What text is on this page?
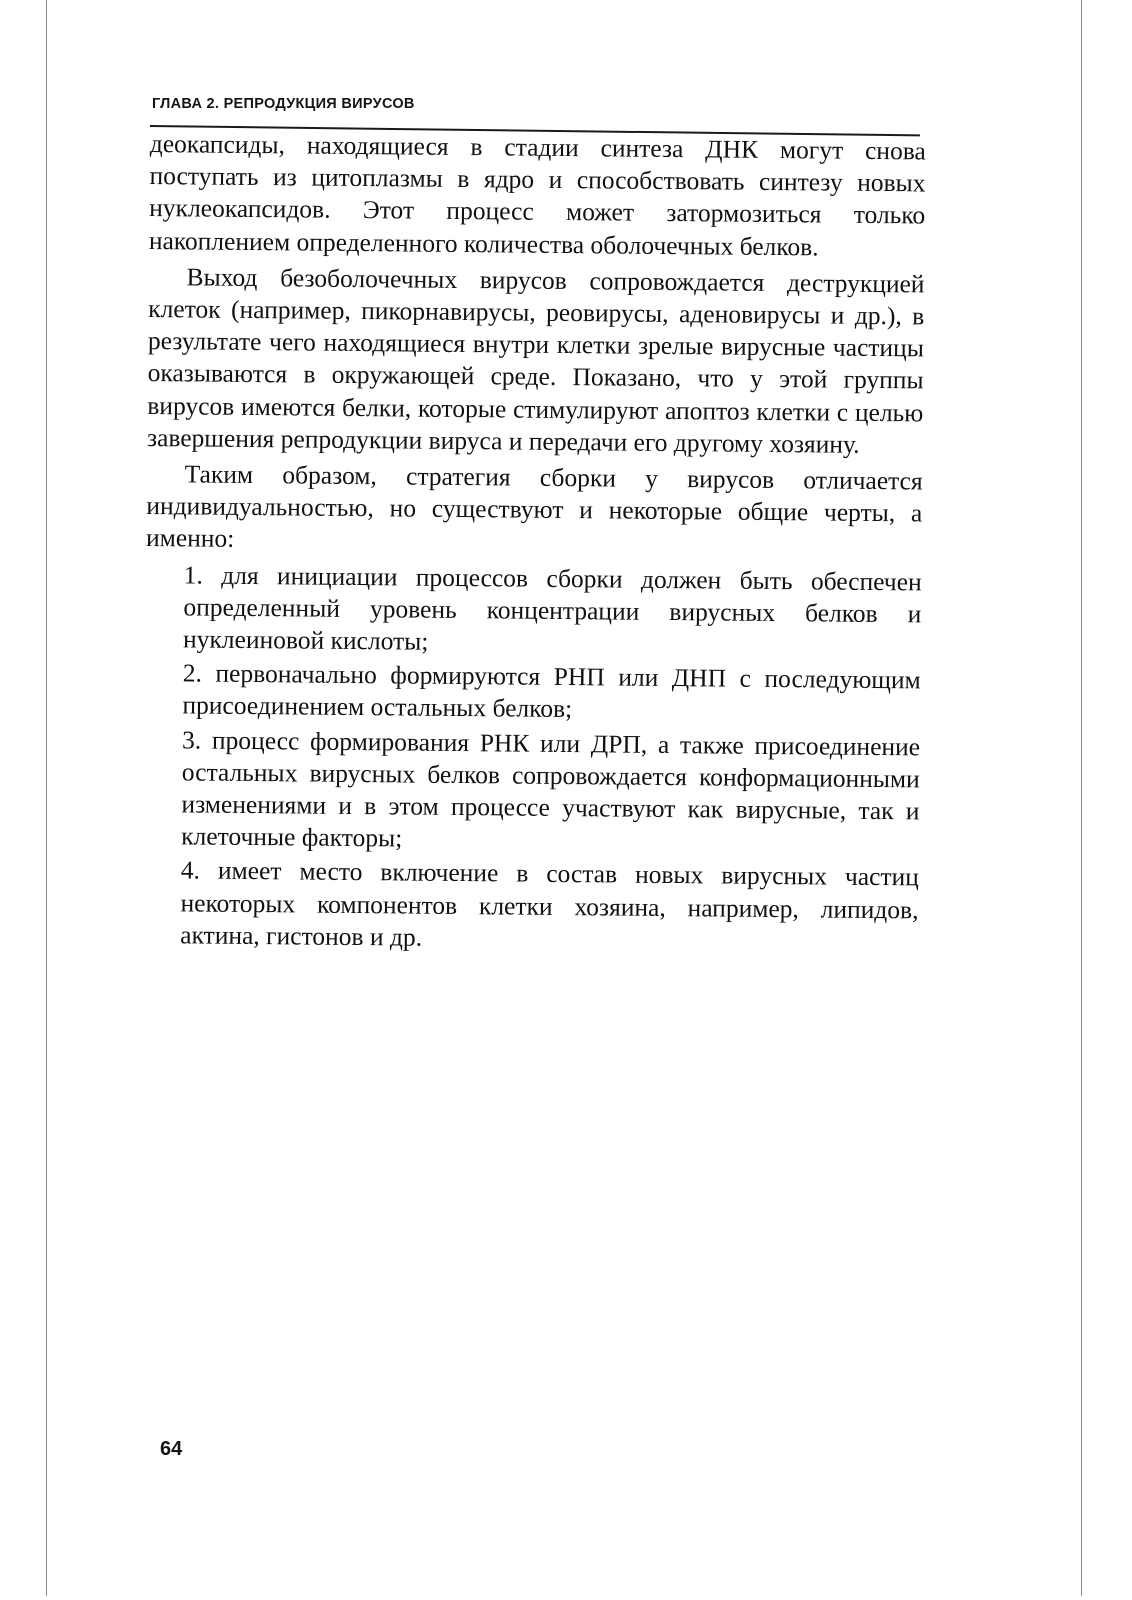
ГЛАВА 2. РЕПРОДУКЦИЯ ВИРУСОВ

деокапсиды, находящиеся в стадии синтеза ДНК могут снова поступать из цитоплазмы в ядро и способствовать синтезу новых нуклеокапсидов. Этот процесс может затормозиться только накоплением определенного количества оболочечных белков.

Выход безоболочечных вирусов сопровождается деструкцией клеток (например, пикорнавирусы, реовирусы, аденовирусы и др.), в результате чего находящиеся внутри клетки зрелые вирусные частицы оказываются в окружающей среде. Показано, что у этой группы вирусов имеются белки, которые стимулируют апоптоз клетки с целью завершения репродукции вируса и передачи его другому хозяину.

Таким образом, стратегия сборки у вирусов отличается индивидуальностью, но существуют и некоторые общие черты, а именно:

1. для инициации процессов сборки должен быть обеспечен определенный уровень концентрации вирусных белков и нуклеиновой кислоты;
2. первоначально формируются РНП или ДНП с последующим присоединением остальных белков;
3. процесс формирования РНК или ДРП, а также присоединение остальных вирусных белков сопровождается конформационными изменениями и в этом процессе участвуют как вирусные, так и клеточные факторы;
4. имеет место включение в состав новых вирусных частиц некоторых компонентов клетки хозяина, например, липидов, актина, гистонов и др.
64
